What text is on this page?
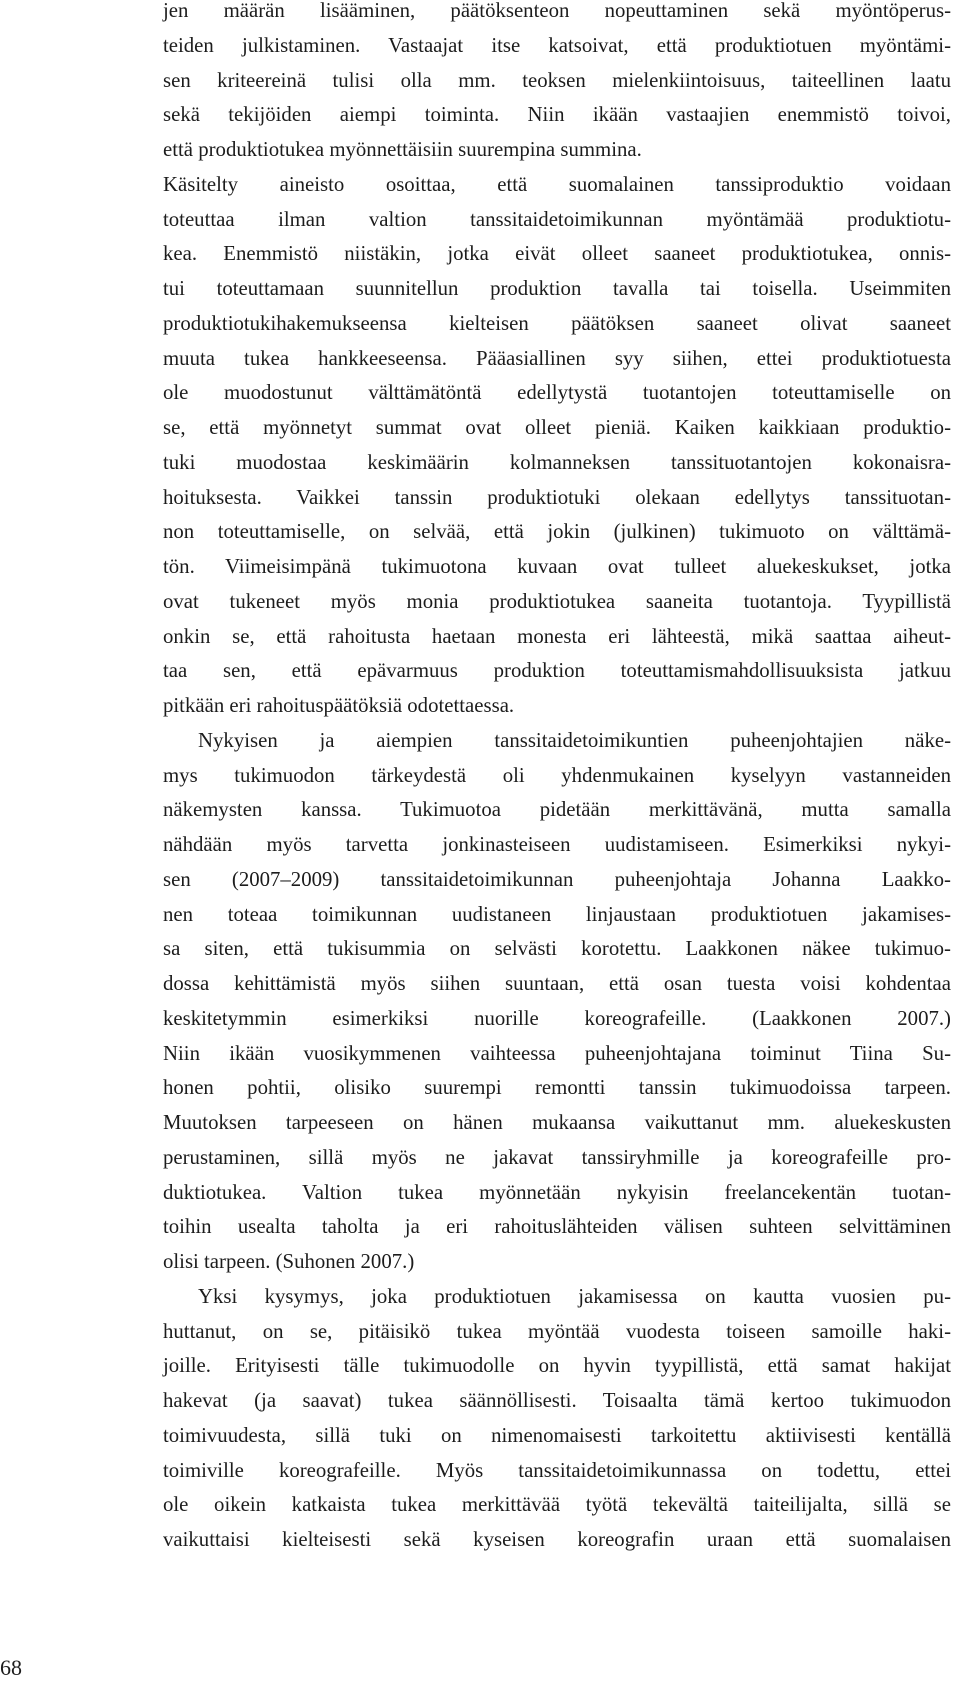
jen määrän lisääminen, päätöksenteon nopeuttaminen sekä myöntöperus-
teiden julkistaminen. Vastaajat itse katsoivat, että produktiotuen myöntämi-
sen kriteereinä tulisi olla mm. teoksen mielenkiintoisuus, taiteellinen laatu
sekä tekijöiden aiempi toiminta. Niin ikään vastaajien enemmistö toivoi,
että produktiotukea myönnettäisiin suurempina summina.
Käsitelty aineisto osoittaa, että suomalainen tanssiproduktio voidaan
toteuttaa ilman valtion tanssitaidetoimikunnan myöntämää produktiotu-
kea. Enemmistö niistäkin, jotka eivät olleet saaneet produktiotukea, onnis-
tui toteuttamaan suunnitellun produktion tavalla tai toisella. Useimmiten
produktiotukihakemukseensa kielteisen päätöksen saaneet olivat saaneet
muuta tukea hankkeeseensa. Pääasiallinen syy siihen, ettei produktiotuesta
ole muodostunut välttämätöntä edellytystä tuotantojen toteuttamiselle on
se, että myönnetyt summat ovat olleet pieniä. Kaiken kaikkiaan produktio-
tuki muodostaa keskimäärin kolmanneksen tanssituotantojen kokonaisra-
hoituksesta. Vaikkei tanssin produktiotuki olekaan edellytys tanssituotan-
non toteuttamiselle, on selvää, että jokin (julkinen) tukimuoto on välttämä-
tön. Viimeisimpänä tukimuotona kuvaan ovat tulleet aluekeskukset, jotka
ovat tukeneet myös monia produktiotukea saaneita tuotantoja. Tyypillistä
onkin se, että rahoitusta haetaan monesta eri lähteestä, mikä saattaa aiheut-
taa sen, että epävarmuus produktion toteuttamismahdollisuuksista jatkuu
pitkään eri rahoituspäätöksiä odotettaessa.
Nykyisen ja aiempien tanssitaidetoimikuntien puheenjohtajien näke-
mys tukimuodon tärkeydestä oli yhdenmukainen kyselyyn vastanneiden
näkemysten kanssa. Tukimuotoa pidetään merkittävänä, mutta samalla
nähdään myös tarvetta jonkinasteiseen uudistamiseen. Esimerkiksi nykyi-
sen (2007–2009) tanssitaidetoimikunnan puheenjohtaja Johanna Laakko-
nen toteaa toimikunnan uudistaneen linjaustaan produktiotuen jakamises-
sa siten, että tukisummia on selvästi korotettu. Laakkonen näkee tukimuo-
dossa kehittämistä myös siihen suuntaan, että osan tuesta voisi kohdentaa
keskitetymmin esimerkiksi nuorille koreografeille. (Laakkonen 2007.)
Niin ikään vuosikymmenen vaihteessa puheenjohtajana toiminut Tiina Su-
honen pohtii, olisiko suurempi remontti tanssin tukimuodoissa tarpeen.
Muutoksen tarpeeseen on hänen mukaansa vaikuttanut mm. aluekeskusten
perustaminen, sillä myös ne jakavat tanssiryhmille ja koreografeille pro-
duktiotukea. Valtion tukea myönnetään nykyisin freelancekentän tuotan-
toihin usealta taholta ja eri rahoituslähteiden välisen suhteen selvittäminen
olisi tarpeen. (Suhonen 2007.)
Yksi kysymys, joka produktiotuen jakamisessa on kautta vuosien pu-
huttanut, on se, pitäisikö tukea myöntää vuodesta toiseen samoille haki-
joille. Erityisesti tälle tukimuodolle on hyvin tyypillistä, että samat hakijat
hakevat (ja saavat) tukea säännöllisesti. Toisaalta tämä kertoo tukimuodon
toimivuudesta, sillä tuki on nimenomaisesti tarkoitettu aktiivisesti kentällä
toimiville koreografeille. Myös tanssitaidetoimikunnassa on todettu, ettei
ole oikein katkaista tukea merkittävää työtä tekevältä taiteilijalta, sillä se
vaikuttaisi kielteisesti sekä kyseisen koreografin uraan että suomalaisen
68
